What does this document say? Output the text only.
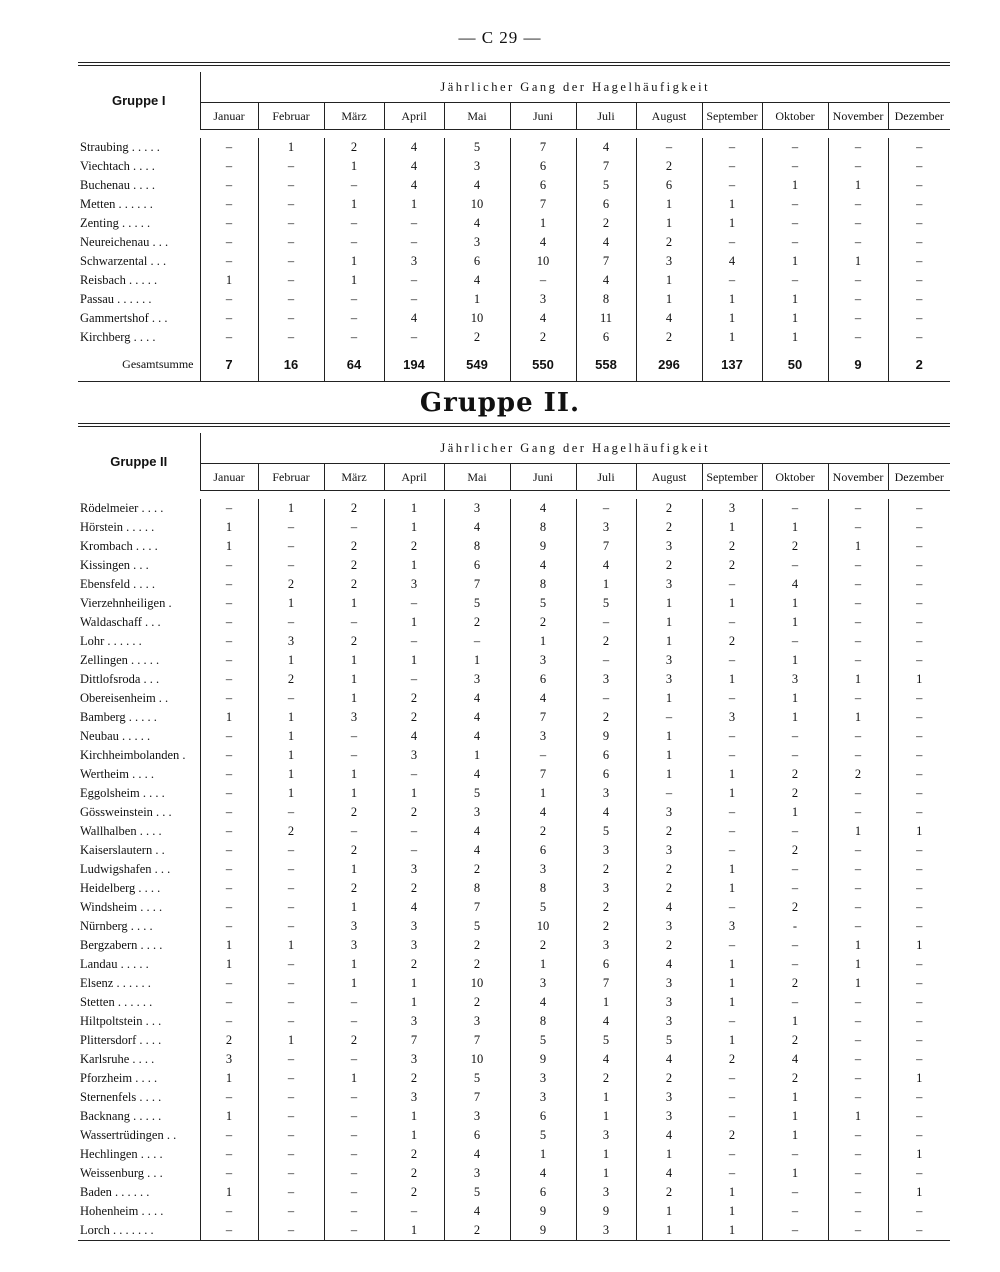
— C 29 —

Gruppe I	Jährlicher Gang der Hagelhäufigkeit											
	Januar	Februar	März	April	Mai	Juni	Juli	August	September	Oktober	November	Dezember

Straubing . . . . .	–	1	2	4	5	7	4	–	–	–	–	–
Viechtach . . . .	–	–	1	4	3	6	7	2	–	–	–	–
Buchenau . . . .	–	–	–	4	4	6	5	6	–	1	1	–
Metten . . . . . .	–	–	1	1	10	7	6	1	1	–	–	–
Zenting . . . . .	–	–	–	–	4	1	2	1	1	–	–	–
Neureichenau . . .	–	–	–	–	3	4	4	2	–	–	–	–
Schwarzental . . .	–	–	1	3	6	10	7	3	4	1	1	–
Reisbach . . . . .	1	–	1	–	4	–	4	1	–	–	–	–
Passau . . . . . .	–	–	–	–	1	3	8	1	1	1	–	–
Gammertshof . . .	–	–	–	4	10	4	11	4	1	1	–	–
Kirchberg . . . .	–	–	–	–	2	2	6	2	1	1	–	–
Gesamtsumme	7	16	64	194	549	550	558	296	137	50	9	2

Gruppe II.

Gruppe II	Jährlicher Gang der Hagelhäufigkeit											
	Januar	Februar	März	April	Mai	Juni	Juli	August	September	Oktober	November	Dezember

Rödelmeier . . . .	–	1	2	1	3	4	–	2	3	–	–	–
Hörstein . . . . .	1	–	–	1	4	8	3	2	1	1	–	–
Krombach . . . .	1	–	2	2	8	9	7	3	2	2	1	–
Kissingen . . .	–	–	2	1	6	4	4	2	2	–	–	–
Ebensfeld . . . .	–	2	2	3	7	8	1	3	–	4	–	–
Vierzehnheiligen .	–	1	1	–	5	5	5	1	1	1	–	–
Waldaschaff . . .	–	–	–	1	2	2	–	1	–	1	–	–
Lohr . . . . . .	–	3	2	–	–	1	2	1	2	–	–	–
Zellingen . . . . .	–	1	1	1	1	3	–	3	–	1	–	–
Dittlofsroda . . .	–	2	1	–	3	6	3	3	1	3	1	1
Obereisenheim . .	–	–	1	2	4	4	–	1	–	1	–	–
Bamberg . . . . .	1	1	3	2	4	7	2	–	3	1	1	–
Neubau . . . . .	–	1	–	4	4	3	9	1	–	–	–	–
Kirchheimbolanden .	–	1	–	3	1	–	6	1	–	–	–	–
Wertheim . . . .	–	1	1	–	4	7	6	1	1	2	2	–
Eggolsheim . . . .	–	1	1	1	5	1	3	–	1	2	–	–
Gössweinstein . . .	–	–	2	2	3	4	4	3	–	1	–	–
Wallhalben . . . .	–	2	–	–	4	2	5	2	–	–	1	1
Kaiserslautern . .	–	–	2	–	4	6	3	3	–	2	–	–
Ludwigshafen . . .	–	–	1	3	2	3	2	2	1	–	–	–
Heidelberg . . . .	–	–	2	2	8	8	3	2	1	–	–	–
Windsheim . . . .	–	–	1	4	7	5	2	4	–	2	–	–
Nürnberg . . . .	–	–	3	3	5	10	2	3	3	-	–	–
Bergzabern . . . .	1	1	3	3	2	2	3	2	–	–	1	1
Landau . . . . .	1	–	1	2	2	1	6	4	1	–	1	–
Elsenz . . . . . .	–	–	1	1	10	3	7	3	1	2	1	–
Stetten . . . . . .	–	–	–	1	2	4	1	3	1	–	–	–
Hiltpoltstein . . .	–	–	–	3	3	8	4	3	–	1	–	–
Plittersdorf . . . .	2	1	2	7	7	5	5	5	1	2	–	–
Karlsruhe . . . .	3	–	–	3	10	9	4	4	2	4	–	–
Pforzheim . . . .	1	–	1	2	5	3	2	2	–	2	–	1
Sternenfels . . . .	–	–	–	3	7	3	1	3	–	1	–	–
Backnang . . . . .	1	–	–	1	3	6	1	3	–	1	1	–
Wassertrüdingen . .	–	–	–	1	6	5	3	4	2	1	–	–
Hechlingen . . . .	–	–	–	2	4	1	1	1	–	–	–	1
Weissenburg . . .	–	–	–	2	3	4	1	4	–	1	–	–
Baden . . . . . .	1	–	–	2	5	6	3	2	1	–	–	1
Hohenheim . . . .	–	–	–	–	4	9	9	1	1	–	–	–
Lorch . . . . . . .	–	–	–	1	2	9	3	1	1	–	–	–
